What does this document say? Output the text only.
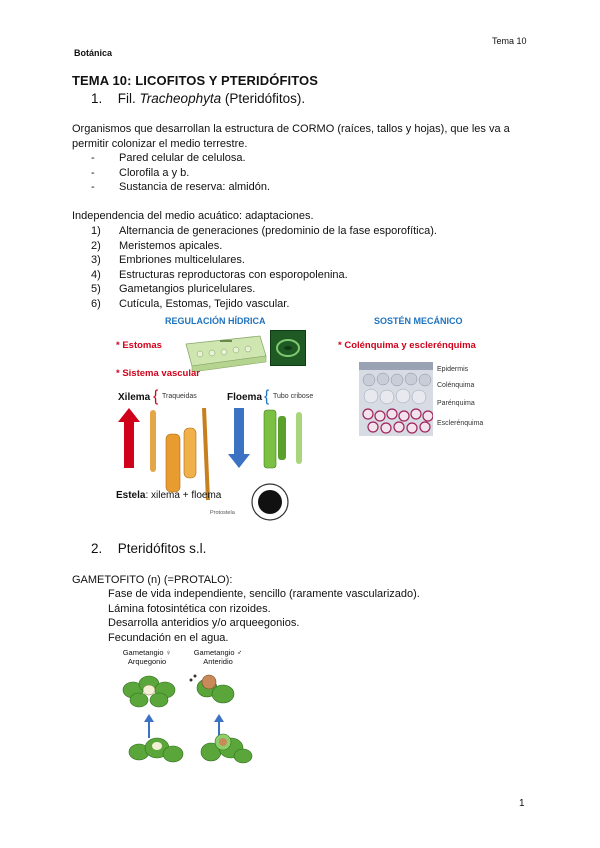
Botánica
Tema 10
TEMA 10: LICOFITOS Y PTERIDÓFITOS
1. Fil. Tracheophyta (Pteridófitos).
Organismos que desarrollan la estructura de CORMO (raíces, tallos y hojas), que les va a
permitir colonizar el medio terrestre.
- Pared celular de celulosa.
- Clorofila a y b.
- Sustancia de reserva: almidón.
Independencia del medio acuático: adaptaciones.
1) Alternancia de generaciones (predominio de la fase esporofítica).
2) Meristemos apicales.
3) Embriones multicelulares.
4) Estructuras reproductoras con esporopolenina.
5) Gametangios pluricelulares.
6) Cutícula, Estomas, Tejido vascular.
REGULACIÓN HÍDRICA	SOSTÉN MECÁNICO
* Estomas
* Sistema vascular
Xilema { Traqueidas	Floema { Tubo cribose
Estela: xilema + floema
Protostela
* Colénquima y esclerénquima
Epidermis
Colénquima
Parénquima
Esclerénquima
2. Pteridófitos s.l.
GAMETOFITO (n) (=PROTALO):
Fase de vida independiente, sencillo (raramente vascularizado).
Lámina fotosintética con rizoides.
Desarrolla anteridios y/o arqueegonios.
Fecundación en el agua.
Gametangio ♀
Arquegonio
Gametangio ♂
Anteridio
1
